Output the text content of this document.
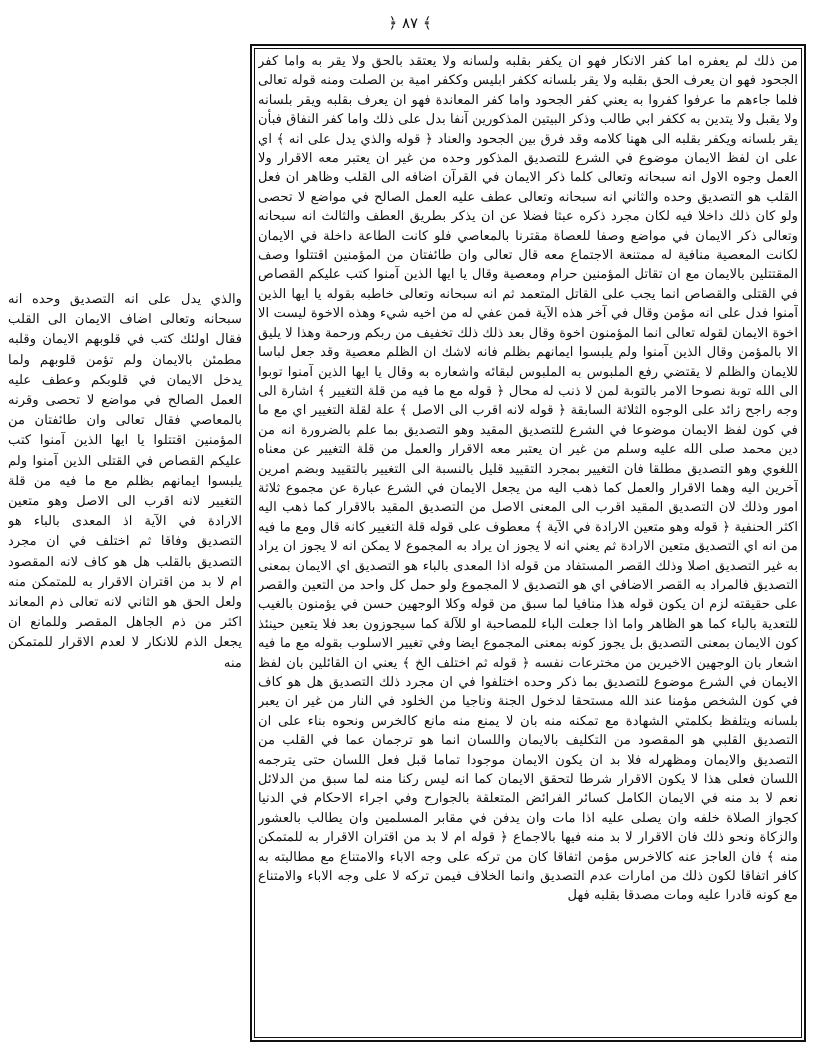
﴿ ٨٧ ﴾

من ذلك لم يعفره اما كفر الانكار فهو ان يكفر بقلبه ولسانه ولا يعتقد بالحق ولا يقر به واما كفر الجحود فهو ان يعرف الحق بقلبه ولا يقر بلسانه ككفر ابليس وككفر امية بن الصلت ومنه قوله تعالى فلما جاءهم ما عرفوا كفروا به يعني كفر الجحود واما كفر المعاندة فهو ان يعرف بقلبه ويقر بلسانه ولا يقبل ولا يتدين به ككفر ابي طالب وذكر البيتين المذكورين آنفا بدل على ذلك واما كفر النفاق فبأن يقر بلسانه ويكفر بقلبه الى ههنا كلامه وقد فرق بين الجحود والعناد ﴿ قوله والذي يدل على انه ﴾ اي على ان لفظ الايمان موضوع في الشرع للتصديق المذكور وحده من غير ان يعتبر معه الاقرار ولا العمل وجوه الاول انه سبحانه وتعالى كلما ذكر الايمان في القرآن اضافه الى القلب وظاهر ان فعل القلب هو التصديق وحده والثاني انه سبحانه وتعالى عطف عليه العمل الصالح في مواضع لا تحصى ولو كان ذلك داخلا فيه لكان مجرد ذكره عبثا فضلا عن ان يذكر بطريق العطف والثالث انه سبحانه وتعالى ذكر الايمان في مواضع وصفا للعصاة مقترنا بالمعاصي فلو كانت الطاعة داخلة في الايمان لكانت المعصية منافية له ممتنعة الاجتماع معه قال تعالى وان طائفتان من المؤمنين اقتتلوا وصف المقتتلين بالايمان مع ان تقاتل المؤمنين حرام ومعصية وقال يا ايها الذين آمنوا كتب عليكم القصاص في القتلى والقصاص انما يجب على القاتل المتعمد ثم انه سبحانه وتعالى خاطبه بقوله يا ايها الذين آمنوا فدل على انه مؤمن وقال في آخر هذه الآية فمن عفي له من اخيه شيء وهذه الاخوة ليست الا اخوة الايمان لقوله تعالى انما المؤمنون اخوة وقال بعد ذلك ذلك تخفيف من ربكم ورحمة وهذا لا يليق الا بالمؤمن وقال الذين آمنوا ولم يلبسوا ايمانهم بظلم فانه لاشك ان الظلم معصية وقد جعل لباسا للايمان والظلم لا يقتضي رفع الملبوس به الملبوس لبقائه واشعاره به وقال يا ايها الذين آمنوا توبوا الى الله توبة نصوحا الامر بالتوبة لمن لا ذنب له محال ﴿ قوله مع ما فيه من قلة التغيير ﴾ اشارة الى وجه راجح زائد على الوجوه الثلاثة السابقة ﴿ قوله لانه اقرب الى الاصل ﴾ علة لقلة التغيير اي مع ما في كون لفظ الايمان موضوعا في الشرع للتصديق المقيد وهو التصديق بما علم بالضرورة انه من دين محمد صلى الله عليه وسلم من غير ان يعتبر معه الاقرار والعمل من قلة التغيير عن معناه اللغوي وهو التصديق مطلقا فان التغيير بمجرد التقييد قليل بالنسبة الى التغيير بالتقييد وبضم امرين آخرين اليه وهما الاقرار والعمل كما ذهب اليه من يجعل الايمان في الشرع عبارة عن مجموع ثلاثة امور وذلك لان التصديق المقيد اقرب الى المعنى الاصل من التصديق المقيد بالاقرار كما ذهب اليه اكثر الحنفية ﴿ قوله وهو متعين الارادة في الآية ﴾ معطوف على قوله قلة التغيير كانه قال ومع ما فيه من انه اي التصديق متعين الارادة ثم يعني انه لا يجوز ان يراد به المجموع لا يمكن انه لا يجوز ان يراد به غير التصديق اصلا وذلك القصر المستفاد من قوله اذا المعدى بالباء هو التصديق اي الايمان بمعنى التصديق فالمراد به القصر الاضافي اي هو التصديق لا المجموع ولو حمل كل واحد من التعين والقصر على حقيقته لزم ان يكون قوله هذا منافيا لما سبق من قوله وكلا الوجهين حسن في يؤمنون بالغيب للتعدية بالباء كما هو الظاهر واما اذا جعلت الباء للمصاحبة او للآلة كما سيجوزون بعد فلا يتعين حينئذ كون الايمان بمعنى التصديق بل يجوز كونه بمعنى المجموع ايضا وفي تغيير الاسلوب بقوله مع ما فيه اشعار بان الوجهين الاخيرين من مخترعات نفسه ﴿ قوله ثم اختلف الخ ﴾ يعني ان القائلين بان لفظ الايمان في الشرع موضوع للتصديق بما ذكر وحده اختلفوا في ان مجرد ذلك التصديق هل هو كاف في كون الشخص مؤمنا عند الله مستحقا لدخول الجنة وناجيا من الخلود في النار من غير ان يعبر بلسانه ويتلفظ بكلمتي الشهادة مع تمكنه منه بان لا يمنع منه مانع كالخرس ونحوه بناء على ان التصديق القلبي هو المقصود من التكليف بالايمان واللسان انما هو ترجمان عما في القلب من التصديق والايمان ومظهرله فلا بد ان يكون الايمان موجودا تماما قبل فعل اللسان حتى يترجمه اللسان فعلى هذا لا يكون الاقرار شرطا لتحقق الايمان كما انه ليس ركنا منه لما سبق من الدلائل نعم لا بد منه في الايمان الكامل كسائر الفرائض المتعلقة بالجوارح وفي اجراء الاحكام في الدنيا كجواز الصلاة خلفه وان يصلى عليه اذا مات وان يدفن في مقابر المسلمين وان يطالب بالعشور والزكاة ونحو ذلك فان الاقرار لا بد منه فيها بالاجماع ﴿ قوله ام لا بد من اقتران الاقرار به للمتمكن منه ﴾ فان العاجز عنه كالاخرس مؤمن اتفاقا كان من تركه على وجه الاباء والامتناع مع مطالبته به كافر اتفاقا لكون ذلك من امارات عدم التصديق وانما الخلاف فيمن تركه لا على وجه الاباء والامتناع مع كونه قادرا عليه ومات مصدقا بقلبه فهل

والذي يدل على انه التصديق وحده انه سبحانه وتعالى اضاف الايمان الى القلب فقال اولئك كتب في قلوبهم الايمان وقلبه مطمئن بالايمان ولم تؤمن قلوبهم ولما يدخل الايمان في قلوبكم وعطف عليه العمل الصالح في مواضع لا تحصى وقرنه بالمعاصي فقال تعالى وان طائفتان من المؤمنين اقتتلوا يا ايها الذين آمنوا كتب عليكم القصاص في القتلى الذين آمنوا ولم يلبسوا ايمانهم بظلم مع ما فيه من قلة التغيير لانه اقرب الى الاصل وهو متعين الارادة في الآية اذ المعدى بالباء هو التصديق وفاقا ثم اختلف في ان مجرد التصديق بالقلب هل هو كاف لانه المقصود ام لا بد من اقتران الاقرار به للمتمكن منه ولعل الحق هو الثاني لانه تعالى ذم المعاند اكثر من ذم الجاهل المقصر وللمانع ان يجعل الذم للانكار لا لعدم الاقرار للمتمكن منه
